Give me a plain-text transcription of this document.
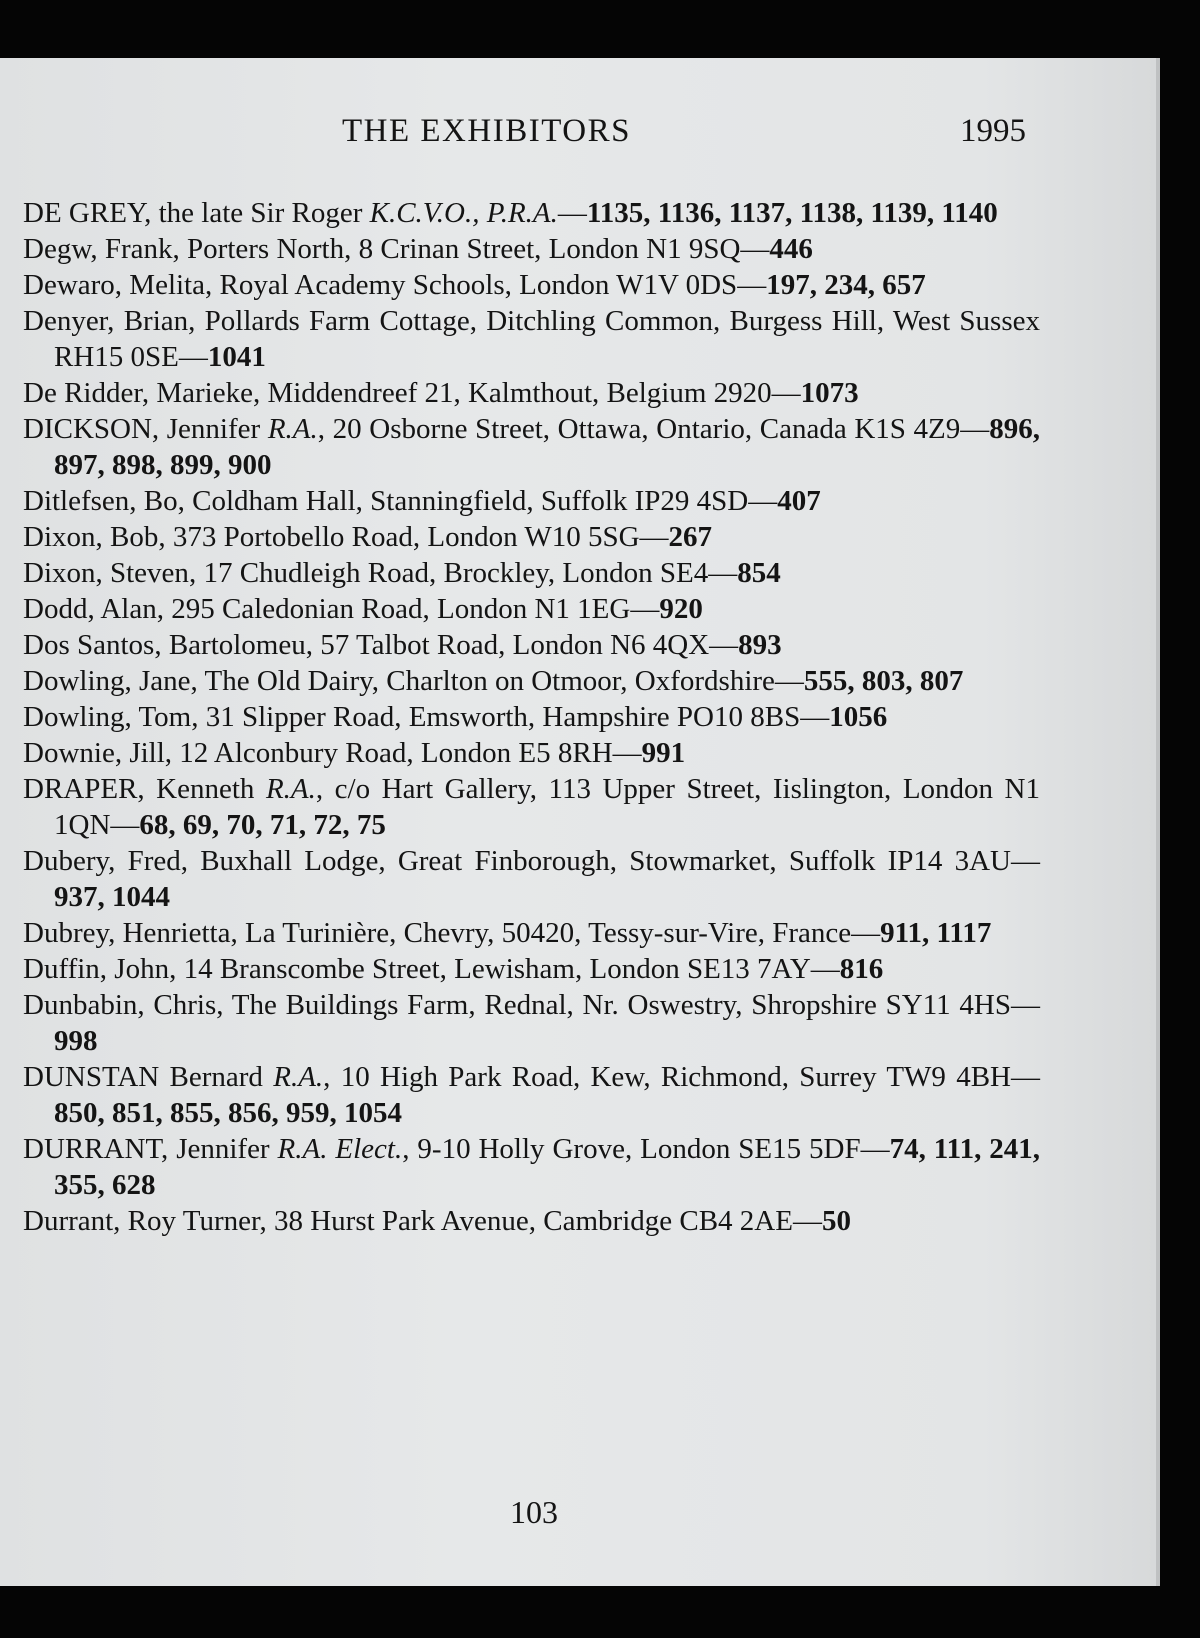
THE EXHIBITORS	1995
DE GREY, the late Sir Roger K.C.V.O., P.R.A.—1135, 1136, 1137, 1138, 1139, 1140
Degw, Frank, Porters North, 8 Crinan Street, London N1 9SQ—446
Dewaro, Melita, Royal Academy Schools, London W1V 0DS—197, 234, 657
Denyer, Brian, Pollards Farm Cottage, Ditchling Common, Burgess Hill, West Sussex RH15 0SE—1041
De Ridder, Marieke, Middendreef 21, Kalmthout, Belgium 2920—1073
DICKSON, Jennifer R.A., 20 Osborne Street, Ottawa, Ontario, Canada K1S 4Z9—896, 897, 898, 899, 900
Ditlefsen, Bo, Coldham Hall, Stanningfield, Suffolk IP29 4SD—407
Dixon, Bob, 373 Portobello Road, London W10 5SG—267
Dixon, Steven, 17 Chudleigh Road, Brockley, London SE4—854
Dodd, Alan, 295 Caledonian Road, London N1 1EG—920
Dos Santos, Bartolomeu, 57 Talbot Road, London N6 4QX—893
Dowling, Jane, The Old Dairy, Charlton on Otmoor, Oxfordshire—555, 803, 807
Dowling, Tom, 31 Slipper Road, Emsworth, Hampshire PO10 8BS—1056
Downie, Jill, 12 Alconbury Road, London E5 8RH—991
DRAPER, Kenneth R.A., c/o Hart Gallery, 113 Upper Street, Iislington, London N1 1QN—68, 69, 70, 71, 72, 75
Dubery, Fred, Buxhall Lodge, Great Finborough, Stowmarket, Suffolk IP14 3AU—937, 1044
Dubrey, Henrietta, La Turinière, Chevry, 50420, Tessy-sur-Vire, France—911, 1117
Duffin, John, 14 Branscombe Street, Lewisham, London SE13 7AY—816
Dunbabin, Chris, The Buildings Farm, Rednal, Nr. Oswestry, Shropshire SY11 4HS—998
DUNSTAN Bernard R.A., 10 High Park Road, Kew, Richmond, Surrey TW9 4BH—850, 851, 855, 856, 959, 1054
DURRANT, Jennifer R.A. Elect., 9-10 Holly Grove, London SE15 5DF—74, 111, 241, 355, 628
Durrant, Roy Turner, 38 Hurst Park Avenue, Cambridge CB4 2AE—50
103
